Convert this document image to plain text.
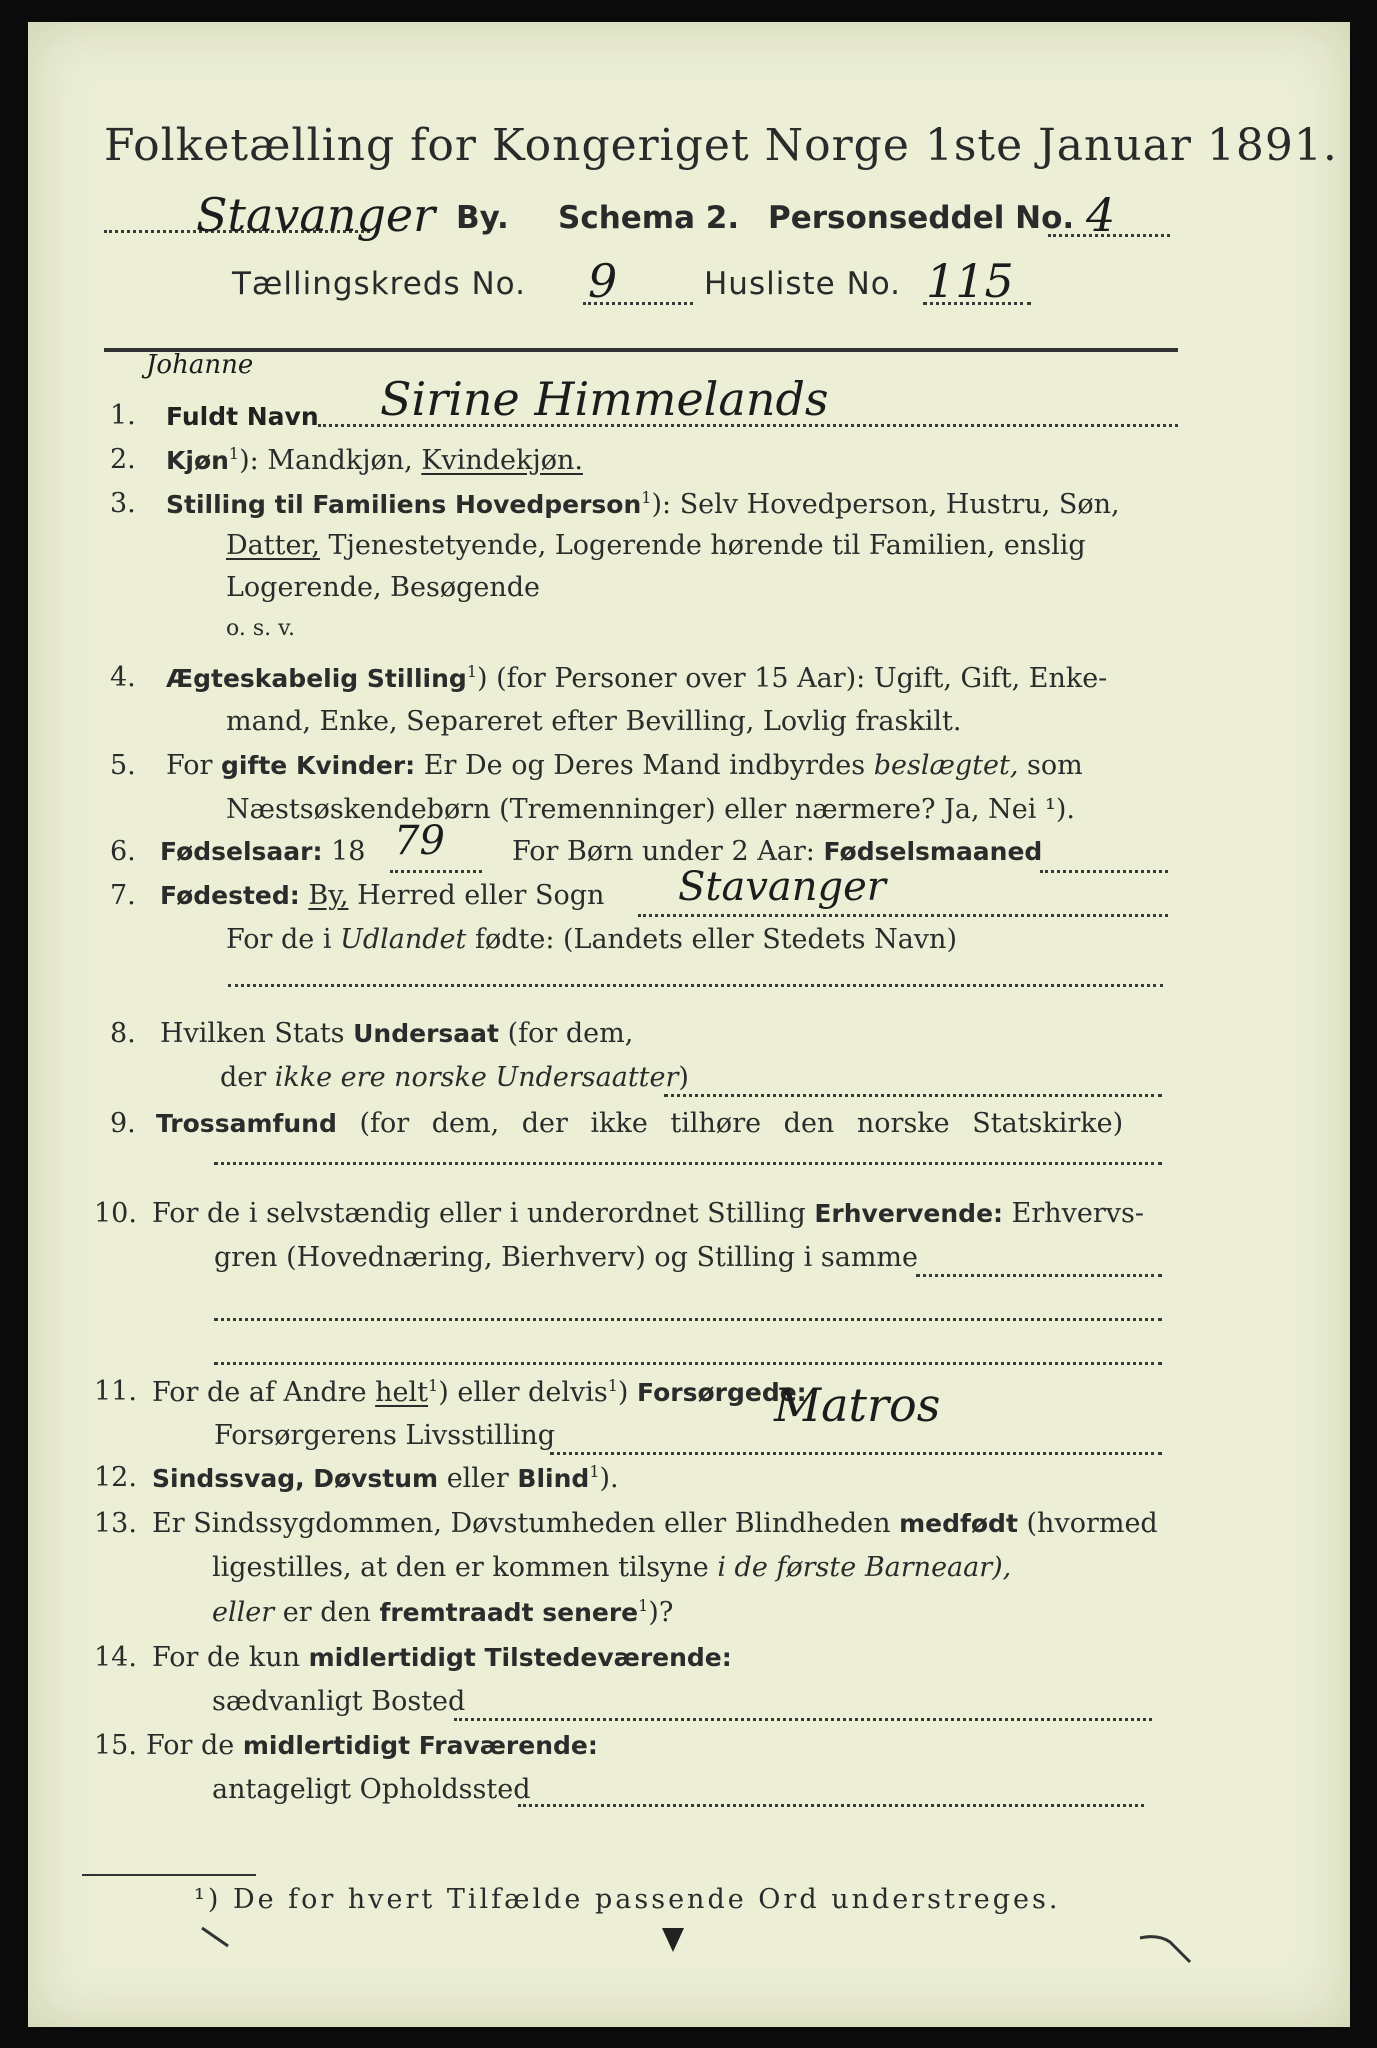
Folketælling for Kongeriget Norge 1ste Januar 1891.
Stavanger By. Schema 2. Personseddel No. 4
Tællingskreds No. 9	Husliste No. 115
Johanne
1. Fuldt Navn Sirine Himmelands
2. Kjøn$^1$): Mandkjøn, Kvindekjøn.
3. Stilling til Familiens Hovedperson$^1$): Selv Hovedperson, Hustru, Søn,
Datter, Tjenestetyende, Logerende hørende til Familien, enslig
Logerende, Besøgende
o. s. v.
4. Ægteskabelig Stilling$^1$) (for Personer over 15 Aar): Ugift, Gift, Enke-
mand, Enke, Separeret efter Bevilling, Lovlig fraskilt.
5. For gifte Kvinder: Er De og Deres Mand indbyrdes beslægtet, som
Næstsøskendebørn (Tremenninger) eller nærmere? Ja, Nei ¹).
6. Fødselsaar: 18 79 For Børn under 2 Aar: Fødselsmaaned
7. Fødested: By, Herred eller Sogn Stavanger
For de i Udlandet fødte: (Landets eller Stedets Navn)
8. Hvilken Stats Undersaat (for dem,
der ikke ere norske Undersaatter)
9. Trossamfund (for dem, der ikke tilhøre den norske Statskirke)
10. For de i selvstændig eller i underordnet Stilling Erhvervende: Erhvervs-
gren (Hovednæring, Bierhverv) og Stilling i samme
11. For de af Andre helt$^1$) eller delvis$^1$) Forsørgede:
Forsørgerens Livsstilling
Matros
12. Sindssvag, Døvstum eller Blind$^1$).
13. Er Sindssygdommen, Døvstumheden eller Blindheden medfødt (hvormed
ligestilles, at den er kommen tilsyne i de første Barneaar),
eller er den fremtraadt senere$^1$)?
14. For de kun midlertidigt Tilstedeværende:
sædvanligt Bosted
15. For de midlertidigt Fraværende:
antageligt Opholdssted
¹) De for hvert Tilfælde passende Ord understreges.
